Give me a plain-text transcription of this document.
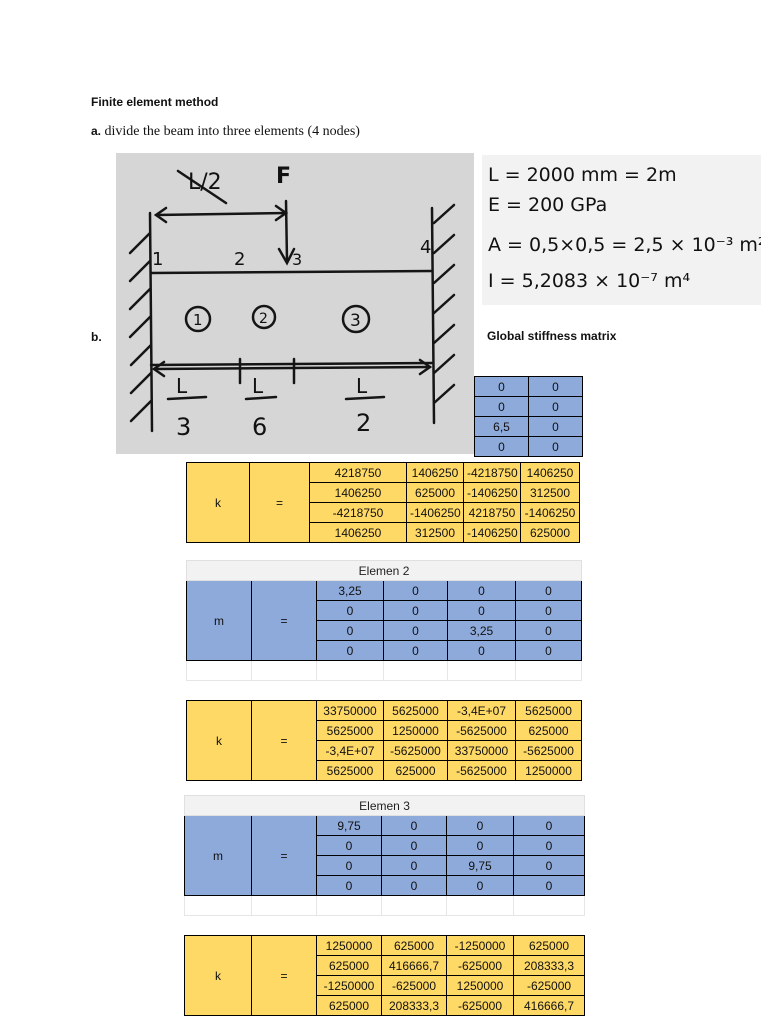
Finite element method
a. divide the beam into three elements (4 nodes)
b.	Global stiffness matrix
0	0
0	0
6,5	0
0	0
k	=	4218750	1406250	-4218750	1406250
		1406250	625000	-1406250	312500
		-4218750	-1406250	4218750	-1406250
		1406250	312500	-1406250	625000
Elemen 2					
m	=	3,25	0	0	0
		0	0	0	0
		0	0	3,25	0
		0	0	0	0

k	=	33750000	5625000	-3,4E+07	5625000
		5625000	1250000	-5625000	625000
		-3,4E+07	-5625000	33750000	-5625000
		5625000	625000	-5625000	1250000
Elemen 3					
m	=	9,75	0	0	0
		0	0	0	0
		0	0	9,75	0
		0	0	0	0

k	=	1250000	625000	-1250000	625000
		625000	416666,7	-625000	208333,3
		-1250000	-625000	1250000	-625000
		625000	208333,3	-625000	416666,7
L/2 F
1	2	3
4
1	2	3
L
3
L
6
L
2
L = 2000 mm = 2m
E = 200 GPa
A = 0,5×0,5 = 2,5 × 10⁻³ m²
I = 5,2083 × 10⁻⁷ m⁴
